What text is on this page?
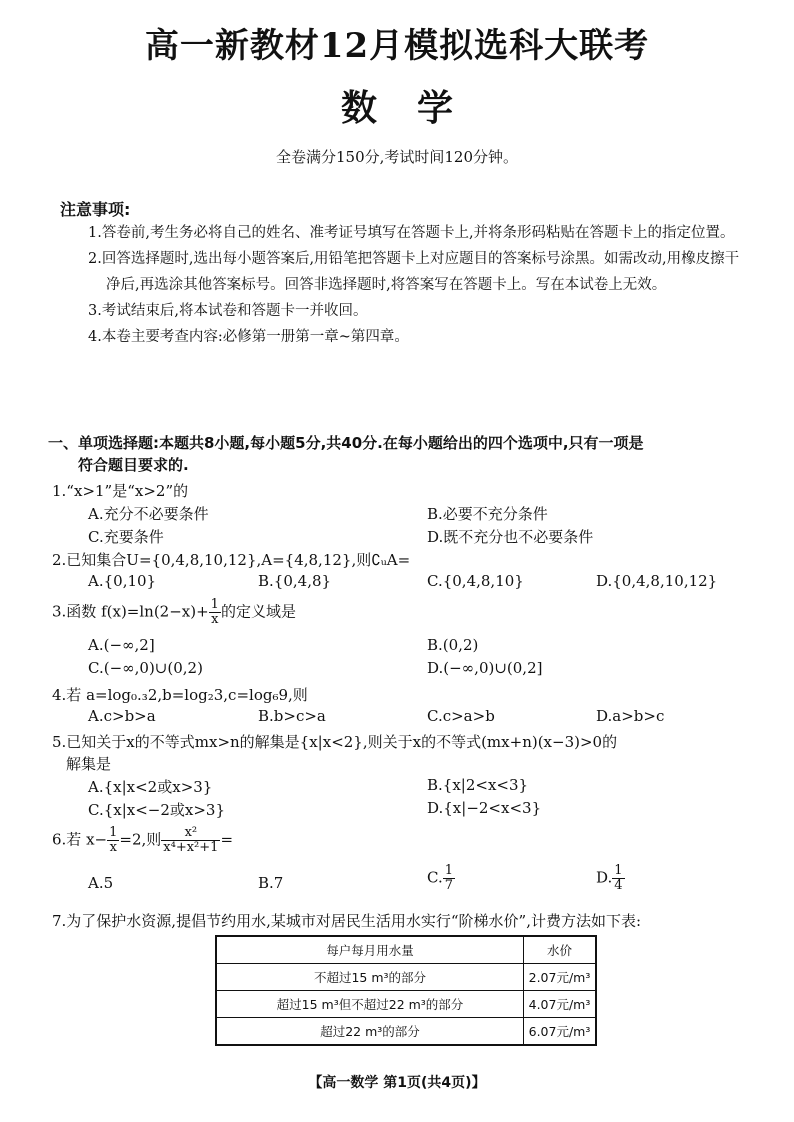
高一新教材12月模拟选科大联考
数学
全卷满分150分,考试时间120分钟。
注意事项:

1.答卷前,考生务必将自己的姓名、准考证号填写在答题卡上,并将条形码粘贴在答题卡上的指定位置。

2.回答选择题时,选出每小题答案后,用铅笔把答题卡上对应题目的答案标号涂黑。如需改动,用橡皮擦干净后,再选涂其他答案标号。回答非选择题时,将答案写在答题卡上。写在本试卷上无效。

3.考试结束后,将本试卷和答题卡一并收回。

4.本卷主要考查内容:必修第一册第一章~第四章。

一、单项选择题:本题共8小题,每小题5分,共40分.在每小题给出的四个选项中,只有一项是
符合题目要求的.
1.“x>1”是“x>2”的
A.充分不必要条件	B.必要不充分条件
C.充要条件	D.既不充分也不必要条件
2.已知集合U={0,4,8,10,12},A={4,8,12},则∁ᵤA=
A.{0,10}	B.{0,4,8}	C.{0,4,8,10}	D.{0,4,8,10,12}
3.函数 $f(x)=\ln(2-x)+ \frac{1}{x}$ 的定义域是
A.(−∞,2]	B.(0,2)
C.(−∞,0)∪(0,2)	D.(−∞,0)∪(0,2]
4.若 a=log₀.₃2,b=log₂3,c=log₆9,则
A.c>b>a	B.b>c>a	C.c>a>b	D.a>b>c
5.已知关于x的不等式mx>n的解集是{x|x<2},则关于x的不等式(mx+n)(x−3)>0的
解集是
A.{x|x<2或x>3}	B.{x|2<x<3}
C.{x|x<−2或x>3}	D.{x|−2<x<3}
6.若 $x- \frac{1}{x} =2$,则 $\frac{\text{x²}}{\text{x⁴+x²+1}}$ =
A.5	B.7	C. $\frac{1}{7}$	D. $\frac{1}{4}$
7.为了保护水资源,提倡节约用水,某城市对居民生活用水实行“阶梯水价”,计费方法如下表:
每户每月用水量	水价
不超过15 m³的部分	2.07元/m³
超过15 m³但不超过22 m³的部分	4.07元/m³
超过22 m³的部分	6.07元/m³
【高一数学 第1页(共4页)】
